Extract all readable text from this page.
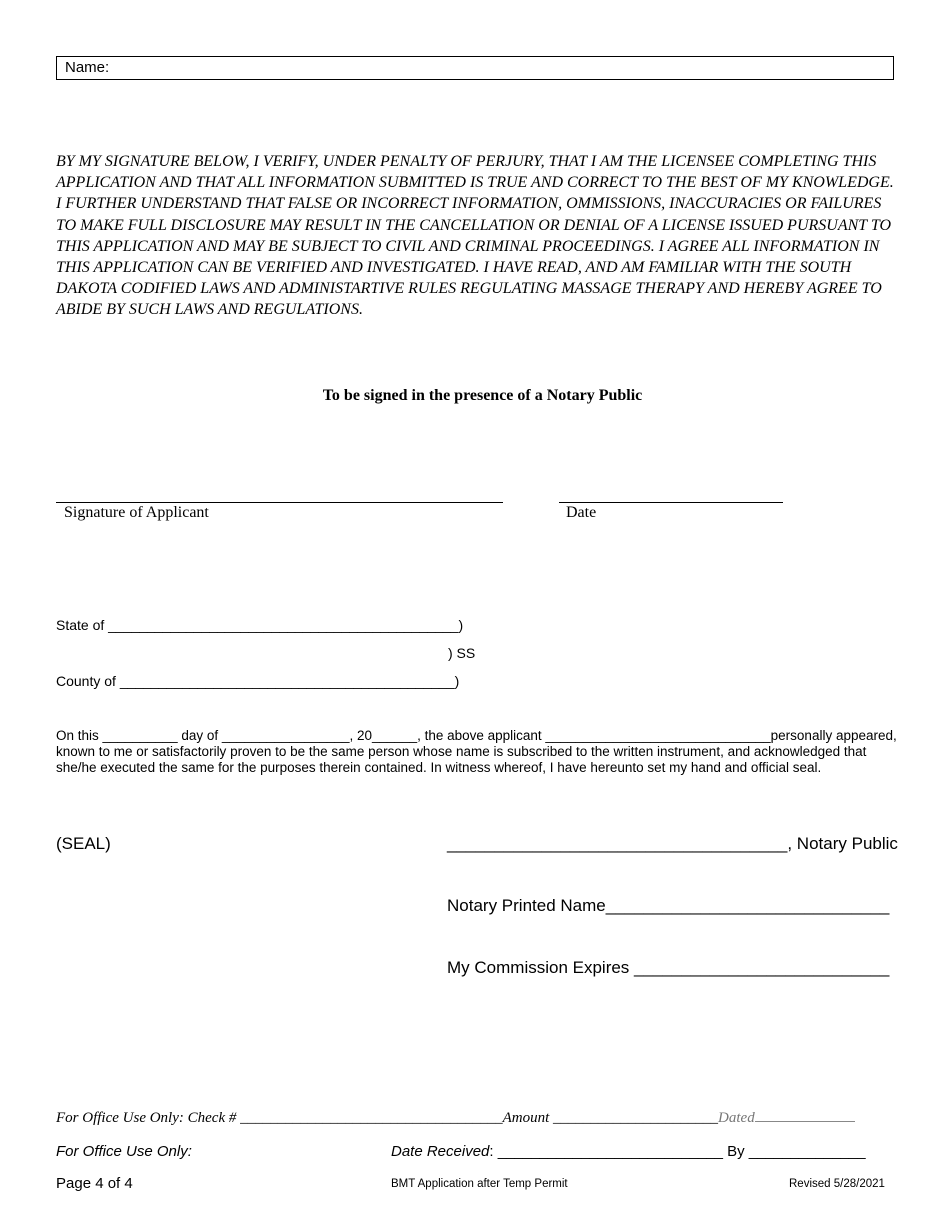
Name:

BY MY SIGNATURE BELOW, I VERIFY, UNDER PENALTY OF PERJURY, THAT I AM THE LICENSEE COMPLETING THIS APPLICATION AND THAT ALL INFORMATION SUBMITTED IS TRUE AND CORRECT TO THE BEST OF MY KNOWLEDGE. I FURTHER UNDERSTAND THAT FALSE OR INCORRECT INFORMATION, OMMISSIONS, INACCURACIES OR FAILURES TO MAKE FULL DISCLOSURE MAY RESULT IN THE CANCELLATION OR DENIAL OF A LICENSE ISSUED PURSUANT TO THIS APPLICATION AND MAY BE SUBJECT TO CIVIL AND CRIMINAL PROCEEDINGS. I AGREE ALL INFORMATION IN THIS APPLICATION CAN BE VERIFIED AND INVESTIGATED. I HAVE READ, AND AM FAMILIAR WITH THE SOUTH DAKOTA CODIFIED LAWS AND ADMINISTARTIVE RULES REGULATING MASSAGE THERAPY AND HEREBY AGREE TO ABIDE BY SUCH LAWS AND REGULATIONS.

To be signed in the presence of a Notary Public
Signature of Applicant	Date
State of _____________________________________________)
) SS
County of ___________________________________________)

On this __________ day of _________________, 20______, the above applicant ______________________________personally appeared, known to me or satisfactorily proven to be the same person whose name is subscribed to the written instrument, and acknowledged that she/he executed the same for the purposes therein contained. In witness whereof, I have hereunto set my hand and official seal.

(SEAL)	____________________________________, Notary Public
Notary Printed Name______________________________
My Commission Expires ___________________________
For Office Use Only: Check # ___________________________________Amount ______________________Dated
For Office Use Only:	Date Received: ___________________________ By ______________
Page 4 of 4	BMT Application after Temp Permit	Revised 5/28/2021
